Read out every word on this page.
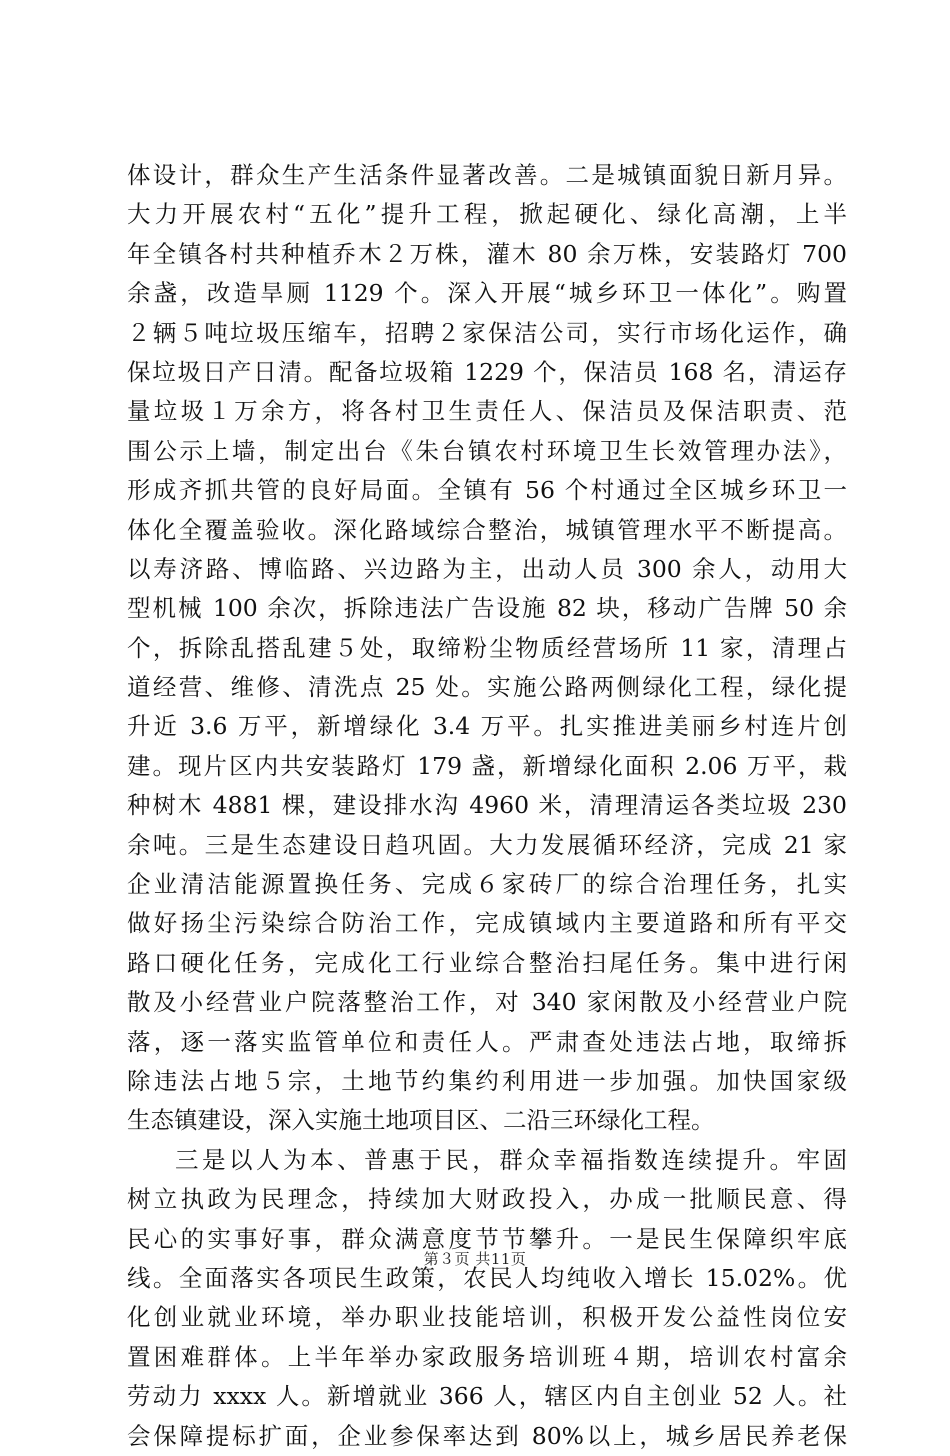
体设计，群众生产生活条件显著改善。二是城镇面貌日新月异。
大力开展农村“五化”提升工程，掀起硬化、绿化高潮，上半
年全镇各村共种植乔木２万株，灌木 80 余万株，安装路灯 700
余盏，改造旱厕 1129 个。深入开展“城乡环卫一体化”。购置
２辆５吨垃圾压缩车，招聘２家保洁公司，实行市场化运作，确
保垃圾日产日清。配备垃圾箱 1229 个，保洁员 168 名，清运存
量垃圾１万余方，将各村卫生责任人、保洁员及保洁职责、范
围公示上墙，制定出台《朱台镇农村环境卫生长效管理办法》，
形成齐抓共管的良好局面。全镇有 56 个村通过全区城乡环卫一
体化全覆盖验收。深化路域综合整治，城镇管理水平不断提高。
以寿济路、博临路、兴边路为主，出动人员 300 余人，动用大
型机械 100 余次，拆除违法广告设施 82 块，移动广告牌 50 余
个，拆除乱搭乱建５处，取缔粉尘物质经营场所 11 家，清理占
道经营、维修、清洗点 25 处。实施公路两侧绿化工程，绿化提
升近 3.6 万平，新增绿化 3.4 万平。扎实推进美丽乡村连片创
建。现片区内共安装路灯 179 盏，新增绿化面积 2.06 万平，栽
种树木 4881 棵，建设排水沟 4960 米，清理清运各类垃圾 230
余吨。三是生态建设日趋巩固。大力发展循环经济，完成 21 家
企业清洁能源置换任务、完成６家砖厂的综合治理任务，扎实
做好扬尘污染综合防治工作，完成镇域内主要道路和所有平交
路口硬化任务，完成化工行业综合整治扫尾任务。集中进行闲
散及小经营业户院落整治工作，对 340 家闲散及小经营业户院
落，逐一落实监管单位和责任人。严肃查处违法占地，取缔拆
除违法占地５宗，土地节约集约利用进一步加强。加快国家级
生态镇建设，深入实施土地项目区、二沿三环绿化工程。
三是以人为本、普惠于民，群众幸福指数连续提升。牢固
树立执政为民理念，持续加大财政投入，办成一批顺民意、得
民心的实事好事，群众满意度节节攀升。一是民生保障织牢底
线。全面落实各项民生政策，农民人均纯收入增长 15.02%。优
化创业就业环境，举办职业技能培训，积极开发公益性岗位安
置困难群体。上半年举办家政服务培训班４期，培训农村富余
劳动力 xxxx 人。新增就业 366 人，辖区内自主创业 52 人。社
会保障提标扩面，企业参保率达到 80%以上，城乡居民养老保
第３页 共11页
